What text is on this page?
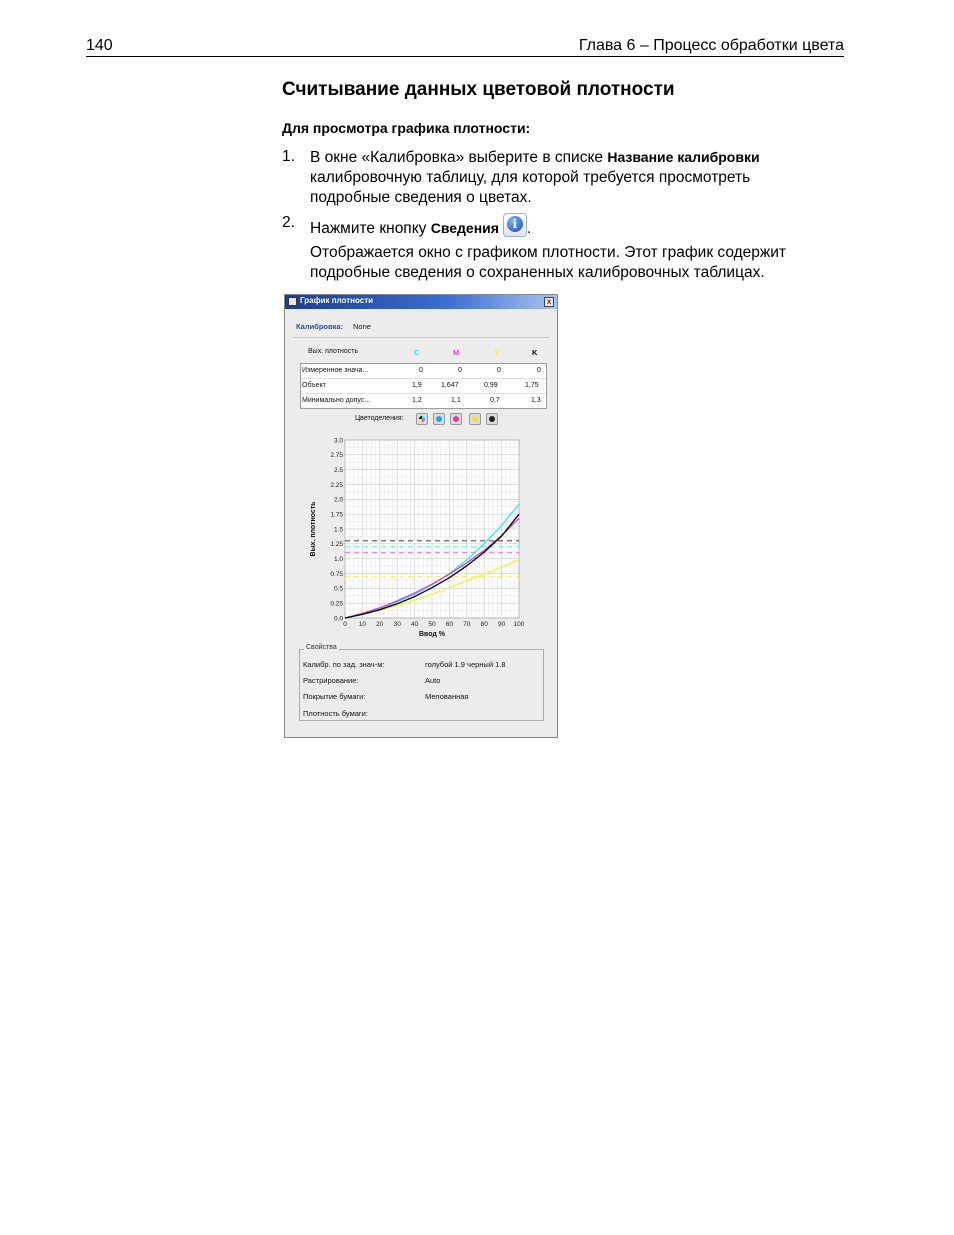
140	Глава 6 – Процесс обработки цвета
Считывание данных цветовой плотности
Для просмотра графика плотности:
1. В окне «Калибровка» выберите в списке Название калибровки калибровочную таблицу, для которой требуется просмотреть подробные сведения о цветах.
2. Нажмите кнопку Сведения	i .
Отображается окно с графиком плотности. Этот график содержит подробные сведения о сохраненных калибровочных таблицах.
График плотности	x
Калибровка: None
Вых. плотность	C	M	Y	K
Измеренное знача...	0	0	0	0
Объект	1,9	1,647	0,99	1,75
Минимально допус...	1,2	1,1	0,7	1,3
Цветоделения:
0 10 20 30 40 50 60 70 80 90 100
0.0
0.25
0.5
0.75
1.0
1.25
1.5
1.75
2.0
2.25
2.5
2.75
3.0
Ввод %
Вых. плотность
Свойства
Калибр. по зад. знач-м:	голубой 1.9 черный 1.8
Растрирование:	Auto
Покрытие бумаги:	Мелованная
Плотность бумаги:
